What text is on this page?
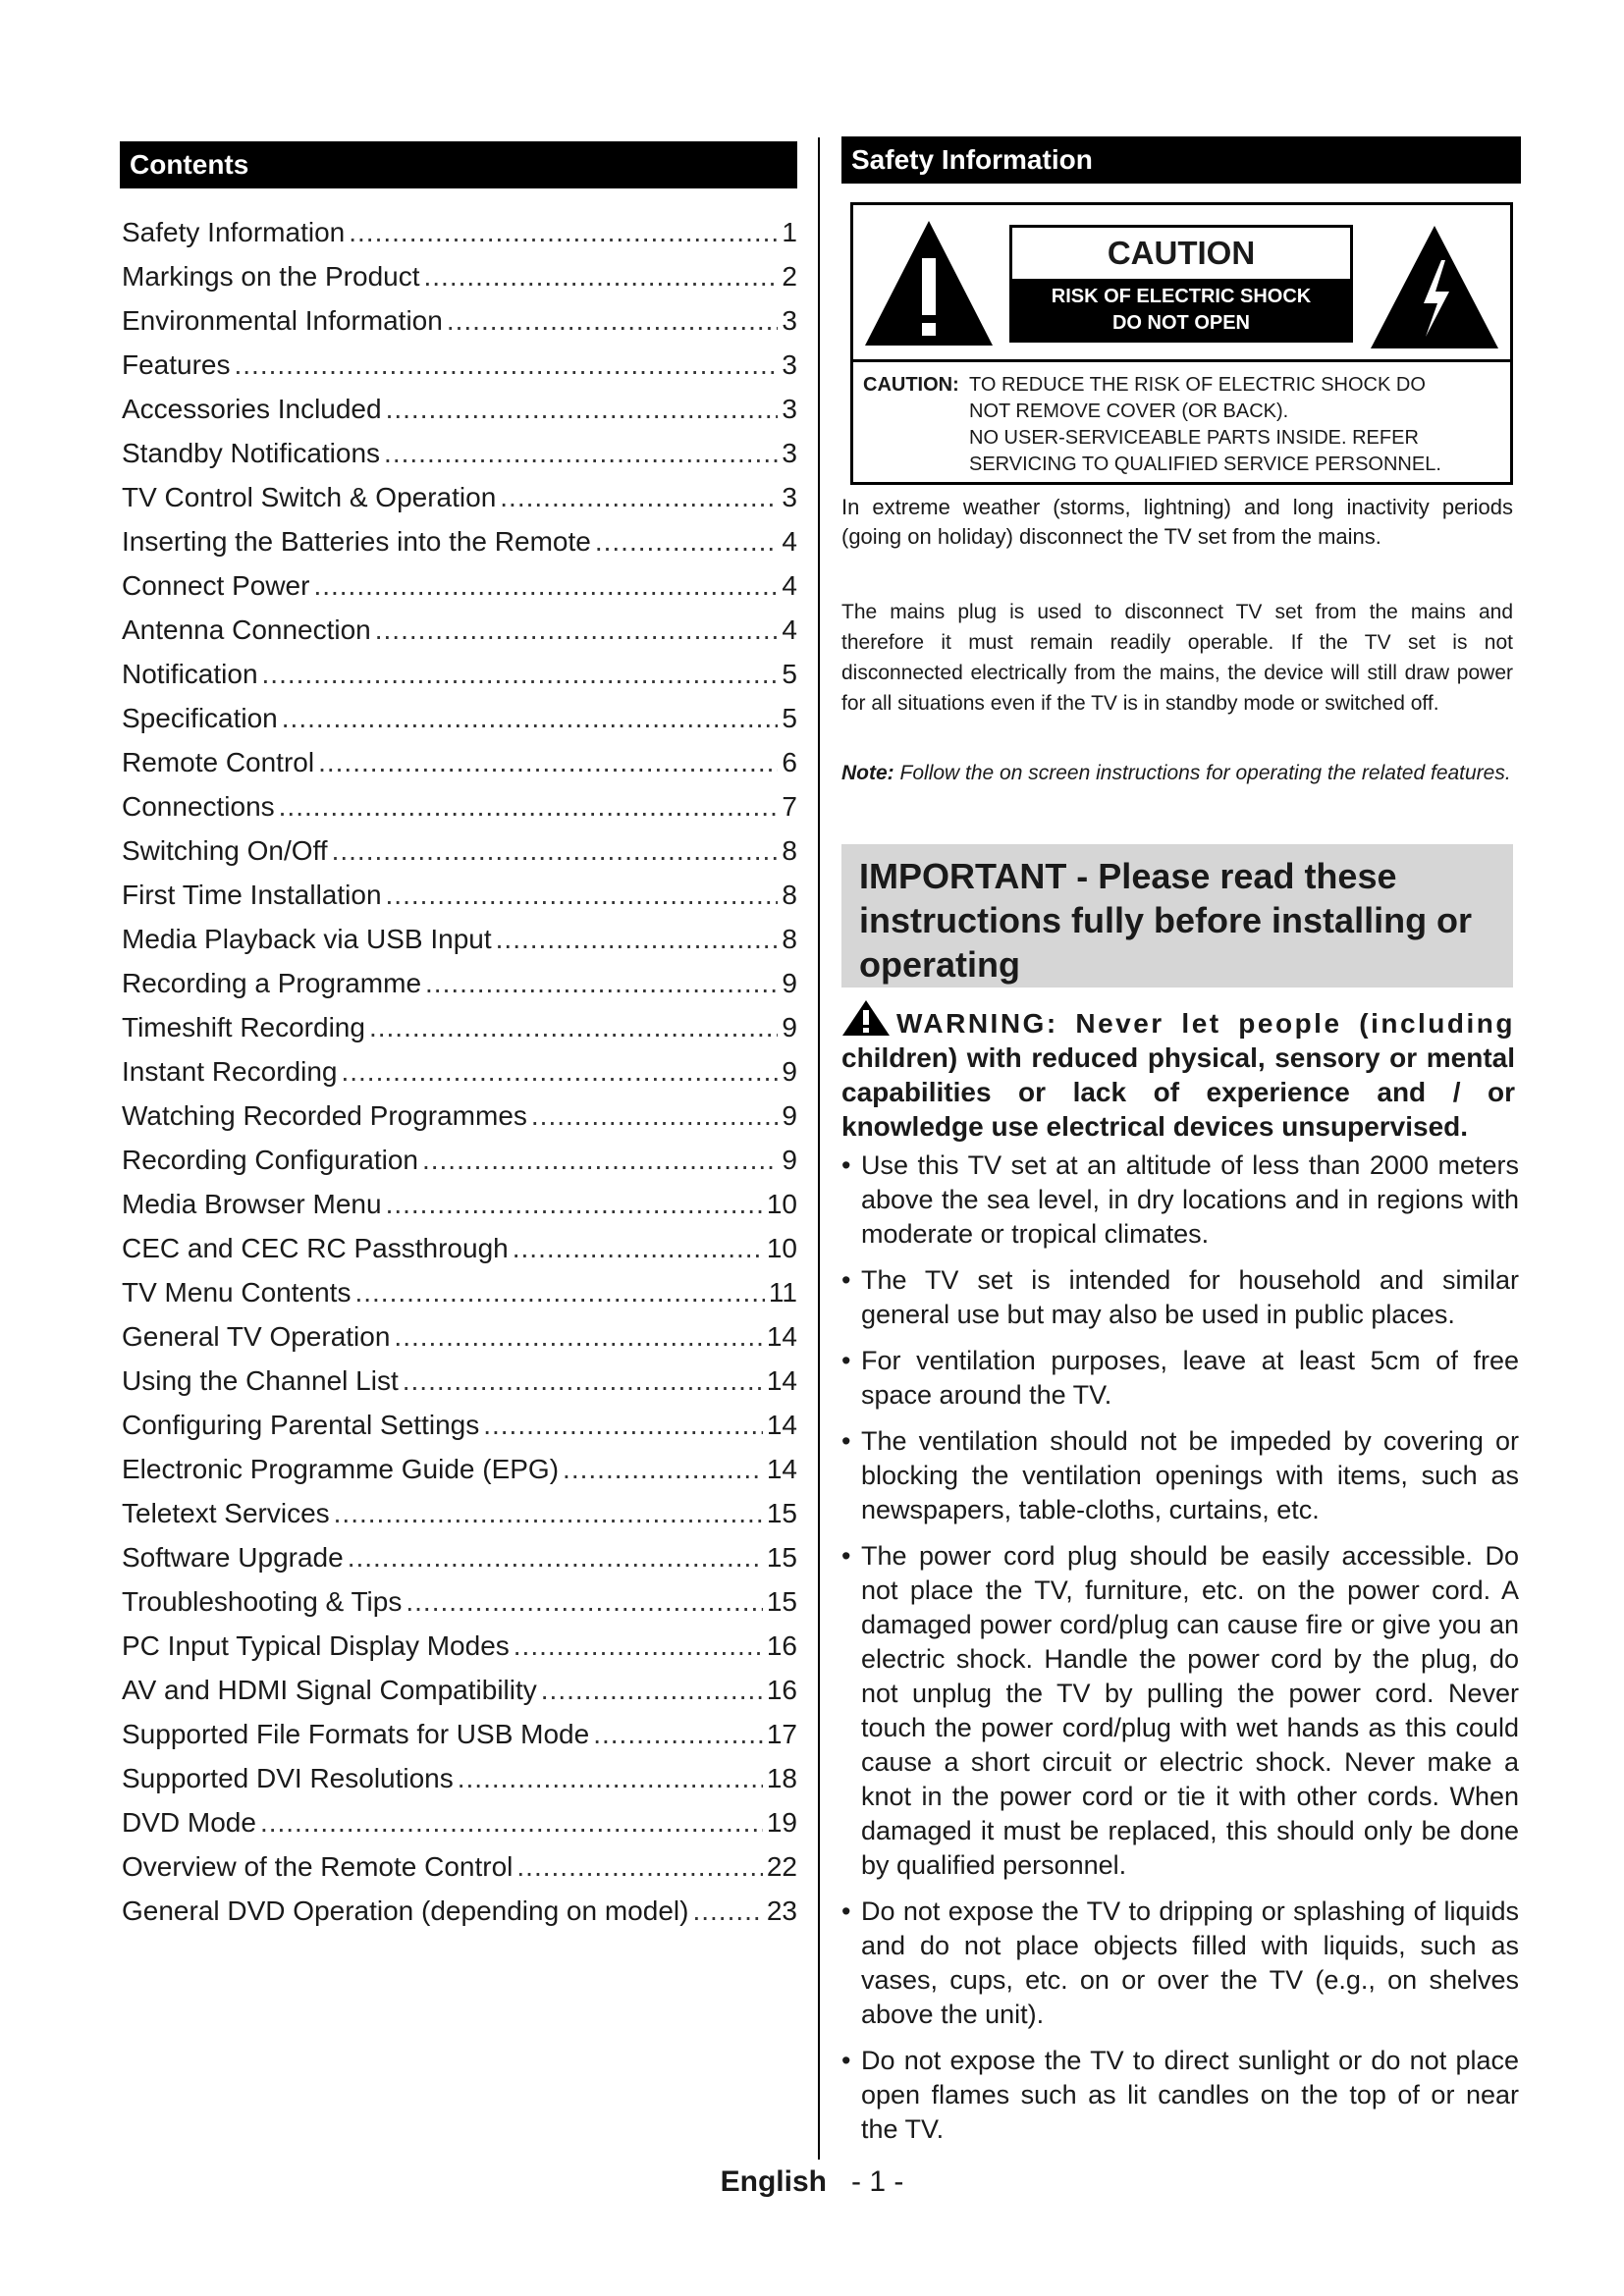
Contents
Safety Information .....	1
Markings on the Product .....	2
Environmental Information .....	3
Features .....	3
Accessories Included .....	3
Standby Notifications .....	3
TV Control Switch & Operation .....	3
Inserting the Batteries into the Remote .....	4
Connect Power .....	4
Antenna Connection .....	4
Notification .....	5
Specification .....	5
Remote Control .....	6
Connections .....	7
Switching On/Off .....	8
First Time Installation .....	8
Media Playback via USB Input .....	8
Recording a Programme .....	9
Timeshift Recording .....	9
Instant Recording .....	9
Watching Recorded Programmes .....	9
Recording Configuration .....	9
Media Browser Menu .....	10
CEC and CEC RC Passthrough .....	10
TV Menu Contents .....	11
General TV Operation .....	14
Using the Channel List .....	14
Configuring Parental Settings .....	14
Electronic Programme Guide (EPG) .....	14
Teletext Services .....	15
Software Upgrade .....	15
Troubleshooting & Tips .....	15
PC Input Typical Display Modes .....	16
AV and HDMI Signal Compatibility .....	16
Supported File Formats for USB Mode .....	17
Supported DVI Resolutions .....	18
DVD Mode .....	19
Overview of the Remote Control .....	22
General DVD Operation (depending on model) .....	23
Safety Information
CAUTION
RISK OF ELECTRIC SHOCK
DO NOT OPEN
CAUTION: TO REDUCE THE RISK OF ELECTRIC SHOCK DO
NOT REMOVE COVER (OR BACK).
NO USER-SERVICEABLE PARTS INSIDE. REFER
SERVICING TO QUALIFIED SERVICE PERSONNEL.
In extreme weather (storms, lightning) and long inactivity periods (going on holiday) disconnect the TV set from the mains.
The mains plug is used to disconnect TV set from the mains and therefore it must remain readily operable. If the TV set is not disconnected electrically from the mains, the device will still draw power for all situations even if the TV is in standby mode or switched off.
Note: Follow the on screen instructions for operating the related features.
IMPORTANT - Please read these instructions fully before installing or operating
WARNING: Never let people (including children) with reduced physical, sensory or mental capabilities or lack of experience and / or knowledge use electrical devices unsupervised.
• Use this TV set at an altitude of less than 2000 meters above the sea level, in dry locations and in regions with moderate or tropical climates.
• The TV set is intended for household and similar general use but may also be used in public places.
• For ventilation purposes, leave at least 5cm of free space around the TV.
• The ventilation should not be impeded by covering or blocking the ventilation openings with items, such as newspapers, table-cloths, curtains, etc.
• The power cord plug should be easily accessible. Do not place the TV, furniture, etc. on the power cord. A damaged power cord/plug can cause fire or give you an electric shock. Handle the power cord by the plug, do not unplug the TV by pulling the power cord. Never touch the power cord/plug with wet hands as this could cause a short circuit or electric shock. Never make a knot in the power cord or tie it with other cords. When damaged it must be replaced, this should only be done by qualified personnel.
• Do not expose the TV to dripping or splashing of liquids and do not place objects filled with liquids, such as vases, cups, etc. on or over the TV (e.g., on shelves above the unit).
• Do not expose the TV to direct sunlight or do not place open flames such as lit candles on the top of or near the TV.
English - 1 -
